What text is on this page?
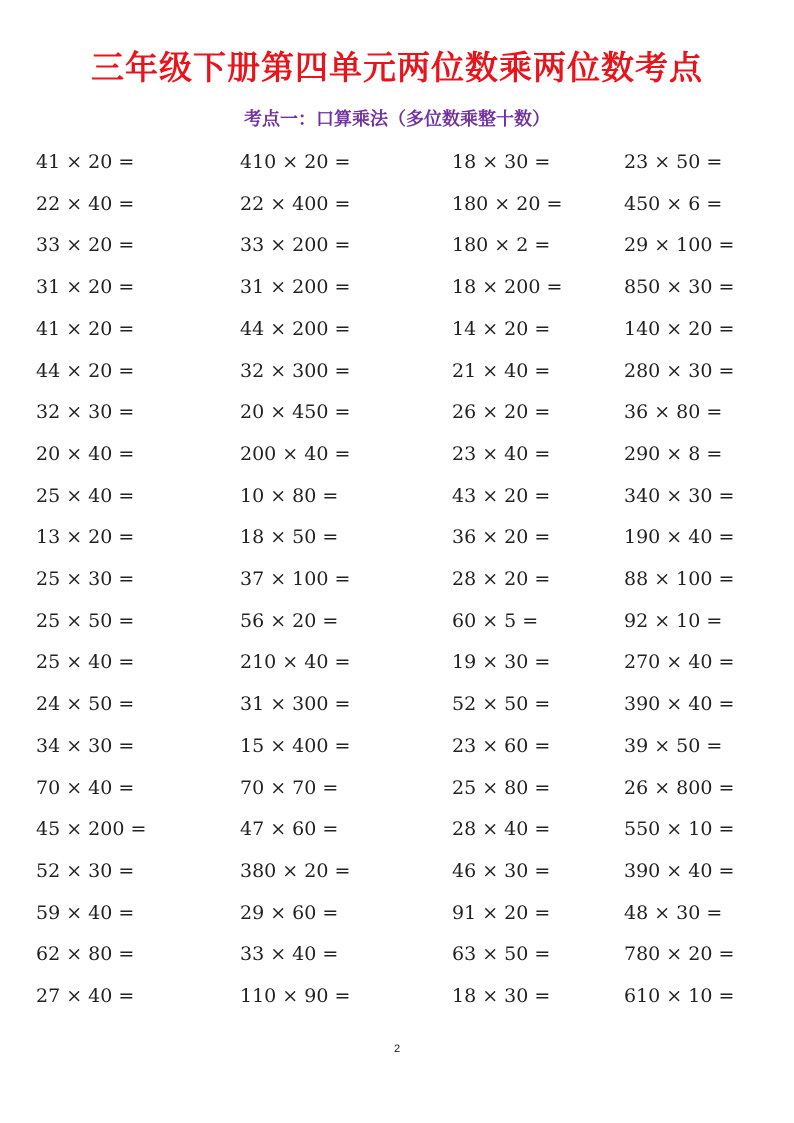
三年级下册第四单元两位数乘两位数考点
考点一：口算乘法（多位数乘整十数）
41 × 20 =	410 × 20 =	18 × 30 =	23 × 50 =
22 × 40 =	22 × 400 =	180 × 20 =	450 × 6 =
33 × 20 =	33 × 200 =	180 × 2 =	29 × 100 =
31 × 20 =	31 × 200 =	18 × 200 =	850 × 30 =
41 × 20 =	44 × 200 =	14 × 20 =	140 × 20 =
44 × 20 =	32 × 300 =	21 × 40 =	280 × 30 =
32 × 30 =	20 × 450 =	26 × 20 =	36 × 80 =
20 × 40 =	200 × 40 =	23 × 40 =	290 × 8 =
25 × 40 =	10 × 80 =	43 × 20 =	340 × 30 =
13 × 20 =	18 × 50 =	36 × 20 =	190 × 40 =
25 × 30 =	37 × 100 =	28 × 20 =	88 × 100 =
25 × 50 =	56 × 20 =	60 × 5 =	92 × 10 =
25 × 40 =	210 × 40 =	19 × 30 =	270 × 40 =
24 × 50 =	31 × 300 =	52 × 50 =	390 × 40 =
34 × 30 =	15 × 400 =	23 × 60 =	39 × 50 =
70 × 40 =	70 × 70 =	25 × 80 =	26 × 800 =
45 × 200 =	47 × 60 =	28 × 40 =	550 × 10 =
52 × 30 =	380 × 20 =	46 × 30 =	390 × 40 =
59 × 40 =	29 × 60 =	91 × 20 =	48 × 30 =
62 × 80 =	33 × 40 =	63 × 50 =	780 × 20 =
27 × 40 =	110 × 90 =	18 × 30 =	610 × 10 =
2
